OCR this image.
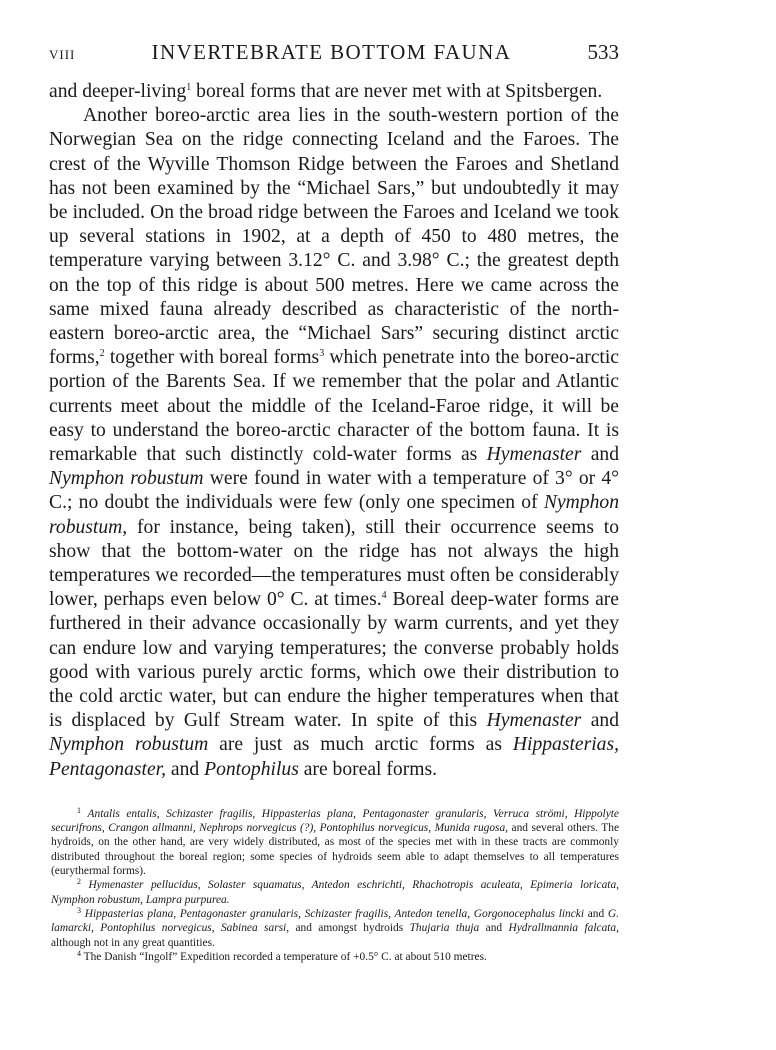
VIII	INVERTEBRATE BOTTOM FAUNA	533

and deeper-living$^1$ boreal forms that are never met with at Spitsbergen.

Another boreo-arctic area lies in the south-western portion of the Norwegian Sea on the ridge connecting Iceland and the Faroes. The crest of the Wyville Thomson Ridge between the Faroes and Shetland has not been examined by the “Michael Sars,” but undoubtedly it may be included. On the broad ridge between the Faroes and Iceland we took up several stations in 1902, at a depth of 450 to 480 metres, the temperature varying between 3.12° C. and 3.98° C.; the greatest depth on the top of this ridge is about 500 metres. Here we came across the same mixed fauna already described as characteristic of the north-eastern boreo-arctic area, the “Michael Sars” securing distinct arctic forms,$^2$ together with boreal forms$^3$ which penetrate into the boreo-arctic portion of the Barents Sea. If we remember that the polar and Atlantic currents meet about the middle of the Iceland-Faroe ridge, it will be easy to understand the boreo-arctic character of the bottom fauna. It is remarkable that such distinctly cold-water forms as Hymenaster and Nymphon robustum were found in water with a temperature of 3° or 4° C.; no doubt the individuals were few (only one specimen of Nymphon robustum, for instance, being taken), still their occurrence seems to show that the bottom-water on the ridge has not always the high temperatures we recorded—the temperatures must often be considerably lower, perhaps even below 0° C. at times.$^4$ Boreal deep-water forms are furthered in their advance occasionally by warm currents, and yet they can endure low and varying temperatures; the converse probably holds good with various purely arctic forms, which owe their distribution to the cold arctic water, but can endure the higher temperatures when that is displaced by Gulf Stream water. In spite of this Hymenaster and Nymphon robustum are just as much arctic forms as Hippasterias, Pentagonaster, and Pontophilus are boreal forms.

$^1$ Antalis entalis, Schizaster fragilis, Hippasterias plana, Pentagonaster granularis, Verruca strömi, Hippolyte securifrons, Crangon allmanni, Nephrops norvegicus (?), Pontophilus norvegicus, Munida rugosa, and several others. The hydroids, on the other hand, are very widely distributed, as most of the species met with in these tracts are commonly distributed throughout the boreal region; some species of hydroids seem able to adapt themselves to all temperatures (eurythermal forms).

$^2$ Hymenaster pellucidus, Solaster squamatus, Antedon eschrichti, Rhachotropis aculeata, Epimeria loricata, Nymphon robustum, Lampra purpurea.

$^3$ Hippasterias plana, Pentagonaster granularis, Schizaster fragilis, Antedon tenella, Gorgonocephalus lincki and G. lamarcki, Pontophilus norvegicus, Sabinea sarsi, and amongst hydroids Thujaria thuja and Hydrallmannia falcata, although not in any great quantities.

$^4$ The Danish “Ingolf” Expedition recorded a temperature of +0.5° C. at about 510 metres.
